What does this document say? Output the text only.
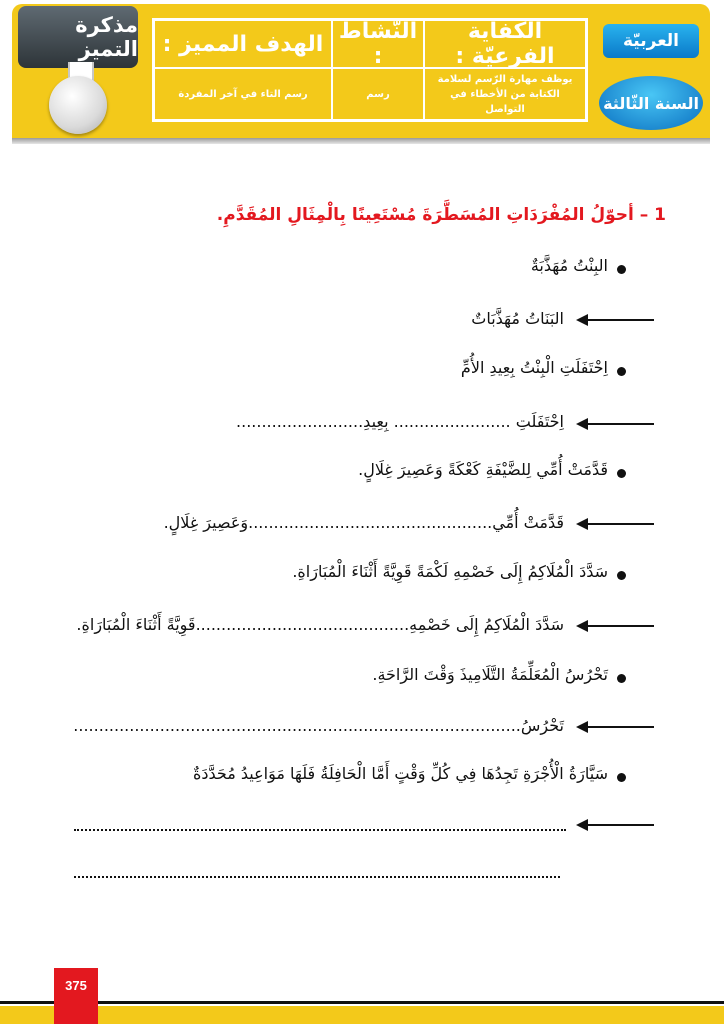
مذكرة التميز
الكفاية الفرعيّة :
النّشاط :
الهدف المميز :
يوظف مهارة الرّسم لسلامة الكتابة من الأخطاء في التواصل
رسم
رسم التاء في آخر المفردة
العربيّة
السنة الثّالثة
1 – أحوّلُ المُفْرَدَاتِ المُسَطَّرَةَ مُسْتَعِينًا بِالْمِثَالِ المُقَدَّمِ.
البِنْتُ مُهَذَّبَةٌ
البَنَاتُ مُهَذَّبَاتٌ
اِحْتَفَلَتِ الْبِنْتُ بِعِيدِ الأُمِّ
اِحْتَفَلَتِ ....................... بِعِيدِ.........................
قَدَّمَتْ أُمِّي لِلضَّيْفَةِ كَعْكَةً وَعَصِيرَ غِلَالٍ.
قَدَّمَتْ أُمِّي................................................وَعَصِيرَ غِلَالٍ.
سَدَّدَ الْمُلَاكِمُ إِلَى خَصْمِهِ لَكْمَةً قَوِيَّةً أَثْنَاءَ الْمُبَارَاةِ.
سَدَّدَ الْمُلَاكِمُ إِلَى خَصْمِهِ..........................................قَوِيَّةً أَثْنَاءَ الْمُبَارَاةِ.
تَحْرُسُ الْمُعَلِّمَةُ التَّلَامِيذَ وَقْتَ الرَّاحَةِ.
تَحْرُسُ........................................................................................
سَيَّارَةُ الْأُجْرَةِ تَجِدُهَا فِي كُلِّ وَقْتٍ أَمَّا الْحَافِلَةُ فَلَهَا مَوَاعِيدُ مُحَدَّدَةٌ
375
